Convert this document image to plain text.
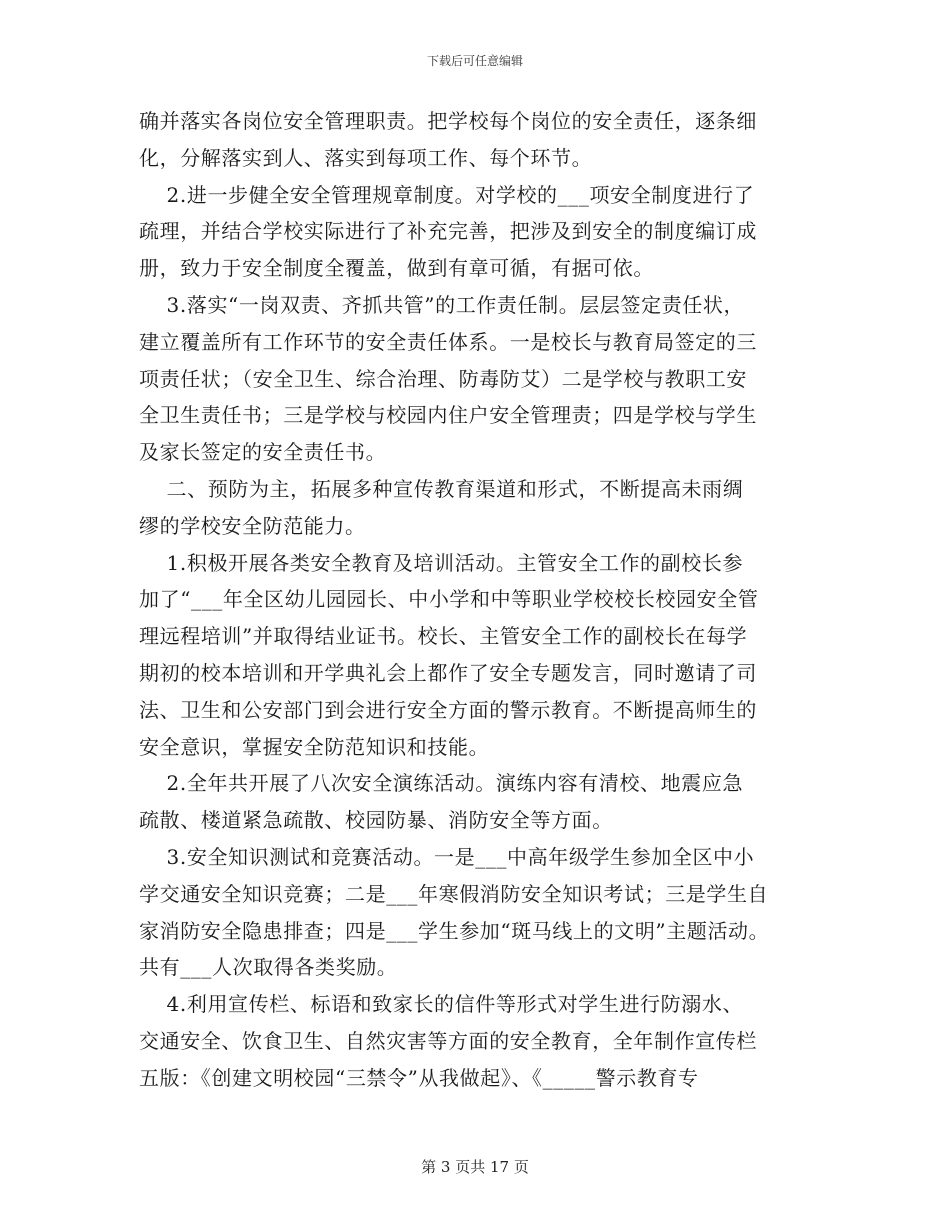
下载后可任意编辑
确并落实各岗位安全管理职责。把学校每个岗位的安全责任，逐条细
化，分解落实到人、落实到每项工作、每个环节。
　 2.进一步健全安全管理规章制度。对学校的___项安全制度进行了
疏理，并结合学校实际进行了补充完善，把涉及到安全的制度编订成
册，致力于安全制度全覆盖，做到有章可循，有据可依。
　 3.落实“一岗双责、齐抓共管”的工作责任制。层层签定责任状，
建立覆盖所有工作环节的安全责任体系。一是校长与教育局签定的三
项责任状；（安全卫生、综合治理、防毒防艾）二是学校与教职工安
全卫生责任书；三是学校与校园内住户安全管理责；四是学校与学生
及家长签定的安全责任书。
　 二、预防为主，拓展多种宣传教育渠道和形式，不断提高未雨绸
缪的学校安全防范能力。
　 1.积极开展各类安全教育及培训活动。主管安全工作的副校长参
加了“___年全区幼儿园园长、中小学和中等职业学校校长校园安全管
理远程培训”并取得结业证书。校长、主管安全工作的副校长在每学
期初的校本培训和开学典礼会上都作了安全专题发言，同时邀请了司
法、卫生和公安部门到会进行安全方面的警示教育。不断提高师生的
安全意识，掌握安全防范知识和技能。
　 2.全年共开展了八次安全演练活动。演练内容有清校、地震应急
疏散、楼道紧急疏散、校园防暴、消防安全等方面。
　 3.安全知识测试和竞赛活动。一是___中高年级学生参加全区中小
学交通安全知识竞赛；二是___年寒假消防安全知识考试；三是学生自
家消防安全隐患排查；四是___学生参加“斑马线上的文明”主题活动。
共有___人次取得各类奖励。
　 4.利用宣传栏、标语和致家长的信件等形式对学生进行防溺水、
交通安全、饮食卫生、自然灾害等方面的安全教育，全年制作宣传栏
五版：《创建文明校园“三禁令”从我做起》、《_____警示教育专
第 3 页共 17 页
